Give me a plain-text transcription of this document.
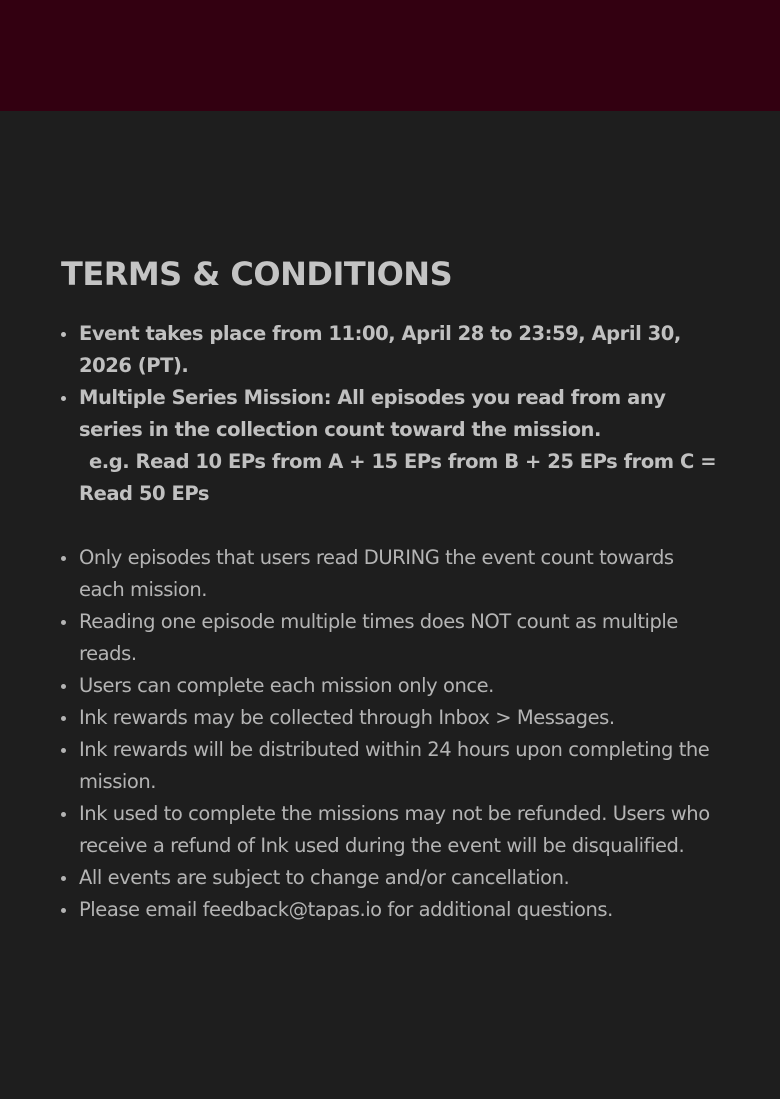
TERMS & CONDITIONS
Event takes place from 11:00, April 28 to 23:59, April 30, 2026 (PT).
Multiple Series Mission: All episodes you read from any series in the collection count toward the mission.
e.g. Read 10 EPs from A + 15 EPs from B + 25 EPs from C = Read 50 EPs
Only episodes that users read DURING the event count towards each mission.
Reading one episode multiple times does NOT count as multiple reads.
Users can complete each mission only once.
Ink rewards may be collected through Inbox > Messages.
Ink rewards will be distributed within 24 hours upon completing the mission.
Ink used to complete the missions may not be refunded. Users who receive a refund of Ink used during the event will be disqualified.
All events are subject to change and/or cancellation.
Please email feedback@tapas.io for additional questions.
